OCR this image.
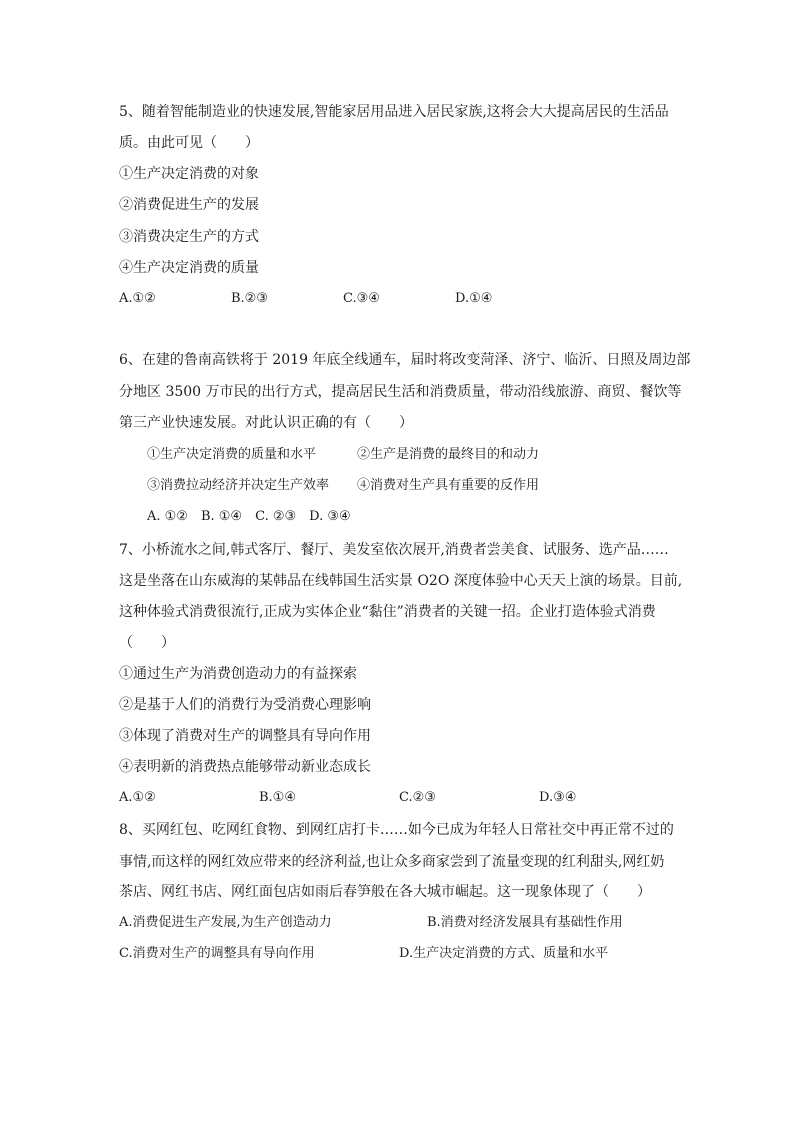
5、随着智能制造业的快速发展,智能家居用品进入居民家族,这将会大大提高居民的生活品
质。由此可见（　　）
①生产决定消费的对象
②消费促进生产的发展
③消费决定生产的方式
④生产决定消费的质量
A.①②	B.②③	C.③④	D.①④
6、在建的鲁南高铁将于 2019 年底全线通车，届时将改变菏泽、济宁、临沂、日照及周边部
分地区 3500 万市民的出行方式，提高居民生活和消费质量，带动沿线旅游、商贸、餐饮等
第三产业快速发展。对此认识正确的有（　　）
①生产决定消费的质量和水平	②生产是消费的最终目的和动力
③消费拉动经济并决定生产效率 ④消费对生产具有重要的反作用
A. ①②　B. ①④　C. ②③　D. ③④
7、小桥流水之间,韩式客厅、餐厅、美发室依次展开,消费者尝美食、试服务、选产品……
这是坐落在山东威海的某韩品在线韩国生活实景 O2O 深度体验中心天天上演的场景。目前,
这种体验式消费很流行,正成为实体企业“黏住”消费者的关键一招。企业打造体验式消费
（　　）
①通过生产为消费创造动力的有益探索
②是基于人们的消费行为受消费心理影响
③体现了消费对生产的调整具有导向作用
④表明新的消费热点能够带动新业态成长
A.①②	B.①④	C.②③	D.③④
8、买网红包、吃网红食物、到网红店打卡……如今已成为年轻人日常社交中再正常不过的
事情,而这样的网红效应带来的经济利益,也让众多商家尝到了流量变现的红利甜头,网红奶
茶店、网红书店、网红面包店如雨后春笋般在各大城市崛起。这一现象体现了（　　）
A.消费促进生产发展,为生产创造动力	B.消费对经济发展具有基础性作用
C.消费对生产的调整具有导向作用	D.生产决定消费的方式、质量和水平
